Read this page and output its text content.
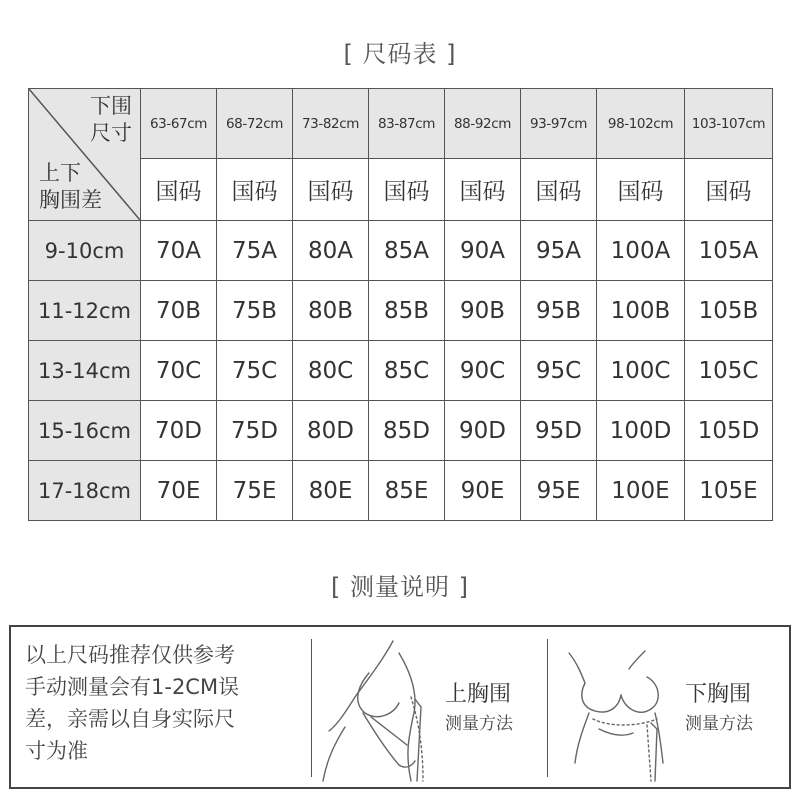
[ 尺码表 ]
下围
尺寸
上下
胸围差	63-67cm	68-72cm	73-82cm	83-87cm	88-92cm	93-97cm	98-102cm	103-107cm
	国码	国码	国码	国码	国码	国码	国码	国码
9-10cm	70A	75A	80A	85A	90A	95A	100A	105A
11-12cm	70B	75B	80B	85B	90B	95B	100B	105B
13-14cm	70C	75C	80C	85C	90C	95C	100C	105C
15-16cm	70D	75D	80D	85D	90D	95D	100D	105D
17-18cm	70E	75E	80E	85E	90E	95E	100E	105E
[ 测量说明 ]
以上尺码推荐仅供参考
手动测量会有1-2CM误
差，亲需以自身实际尺
寸为准
上胸围
测量方法
下胸围
测量方法
